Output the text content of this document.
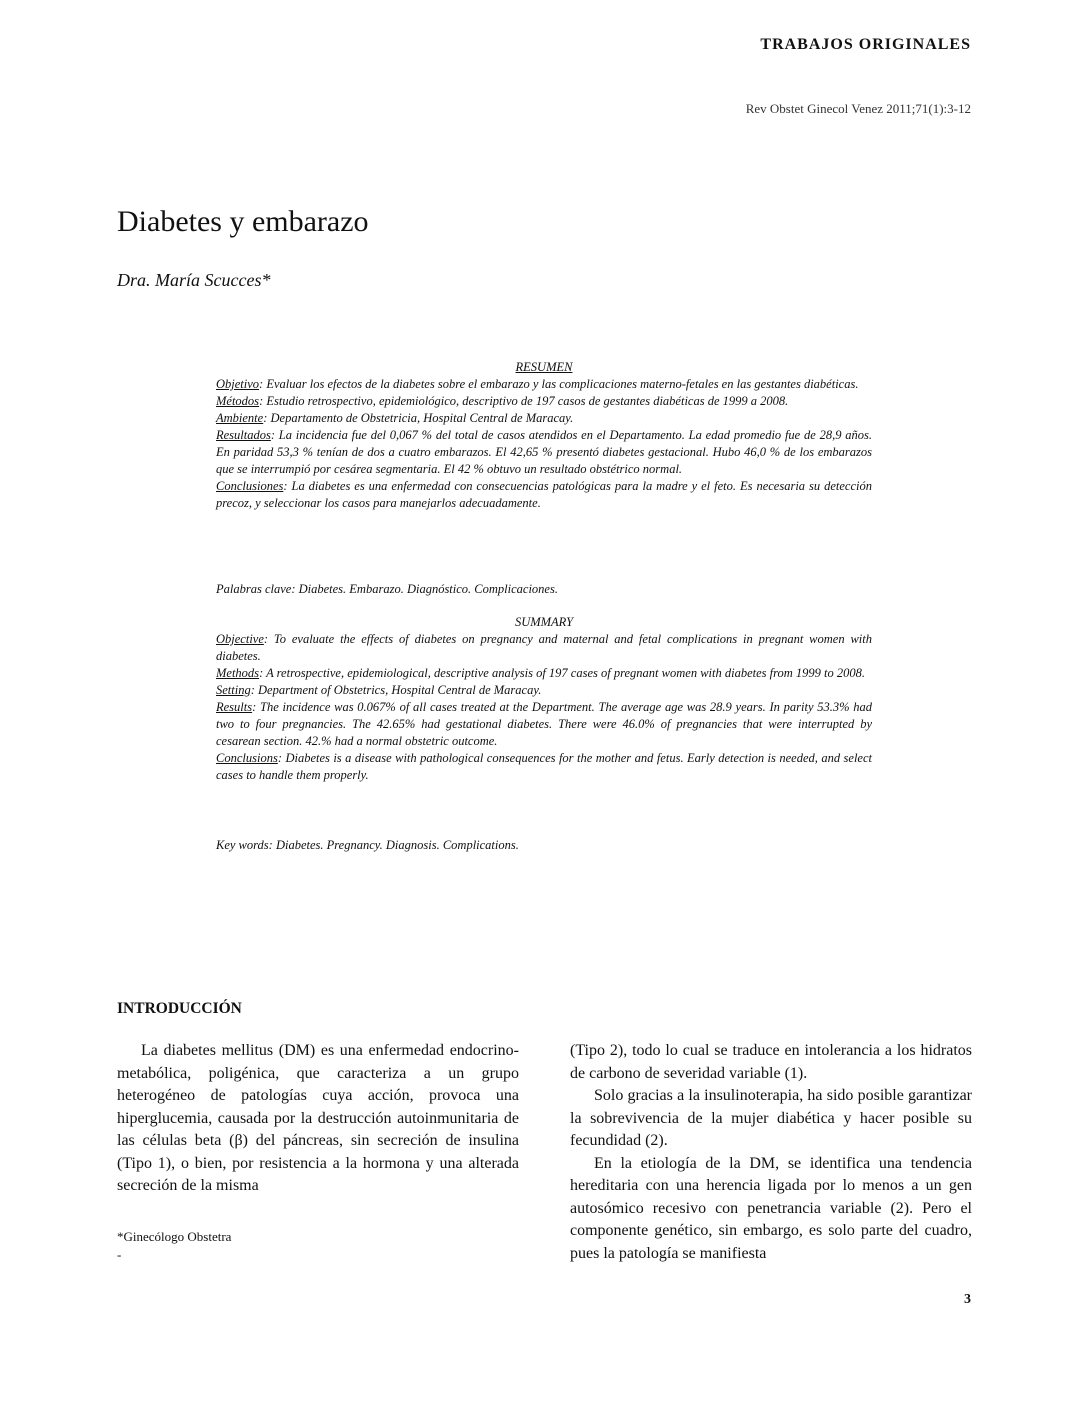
TRABAJOS ORIGINALES
Rev Obstet Ginecol Venez 2011;71(1):3-12
Diabetes y embarazo
Dra. María Scucces*

RESUMEN

Objetivo: Evaluar los efectos de la diabetes sobre el embarazo y las complicaciones materno-fetales en las gestantes diabéticas.

Métodos: Estudio retrospectivo, epidemiológico, descriptivo de 197 casos de gestantes diabéticas de 1999 a 2008.

Ambiente: Departamento de Obstetricia, Hospital Central de Maracay.

Resultados: La incidencia fue del 0,067 % del total de casos atendidos en el Departamento. La edad promedio fue de 28,9 años. En paridad 53,3 % tenían de dos a cuatro embarazos. El 42,65 % presentó diabetes gestacional. Hubo 46,0 % de los embarazos que se interrumpió por cesárea segmentaria. El 42 % obtuvo un resultado obstétrico normal.

Conclusiones: La diabetes es una enfermedad con consecuencias patológicas para la madre y el feto. Es necesaria su detección precoz, y seleccionar los casos para manejarlos adecuadamente.

Palabras clave: Diabetes. Embarazo. Diagnóstico. Complicaciones.

SUMMARY

Objective: To evaluate the effects of diabetes on pregnancy and maternal and fetal complications in pregnant women with diabetes.

Methods: A retrospective, epidemiological, descriptive analysis of 197 cases of pregnant women with diabetes from 1999 to 2008.

Setting: Department of Obstetrics, Hospital Central de Maracay.

Results: The incidence was 0.067% of all cases treated at the Department. The average age was 28.9 years. In parity 53.3% had two to four pregnancies. The 42.65% had gestational diabetes. There were 46.0% of pregnancies that were interrupted by cesarean section. 42.% had a normal obstetric outcome.

Conclusions: Diabetes is a disease with pathological consequences for the mother and fetus. Early detection is needed, and select cases to handle them properly.

Key words: Diabetes. Pregnancy. Diagnosis. Complications.
INTRODUCCIÓN

La diabetes mellitus (DM) es una enfermedad endocrino-metabólica, poligénica, que caracteriza a un grupo heterogéneo de patologías cuya acción, provoca una hiperglucemia, causada por la destrucción autoinmunitaria de las células beta (β) del páncreas, sin secreción de insulina (Tipo 1), o bien, por resistencia a la hormona y una alterada secreción de la misma

(Tipo 2), todo lo cual se traduce en intolerancia a los hidratos de carbono de severidad variable (1).

Solo gracias a la insulinoterapia, ha sido posible garantizar la sobrevivencia de la mujer diabética y hacer posible su fecundidad (2).

En la etiología de la DM, se identifica una tendencia hereditaria con una herencia ligada por lo menos a un gen autosómico recesivo con penetrancia variable (2). Pero el componente genético, sin embargo, es solo parte del cuadro, pues la patología se manifiesta

*Ginecólogo Obstetra
-
3
